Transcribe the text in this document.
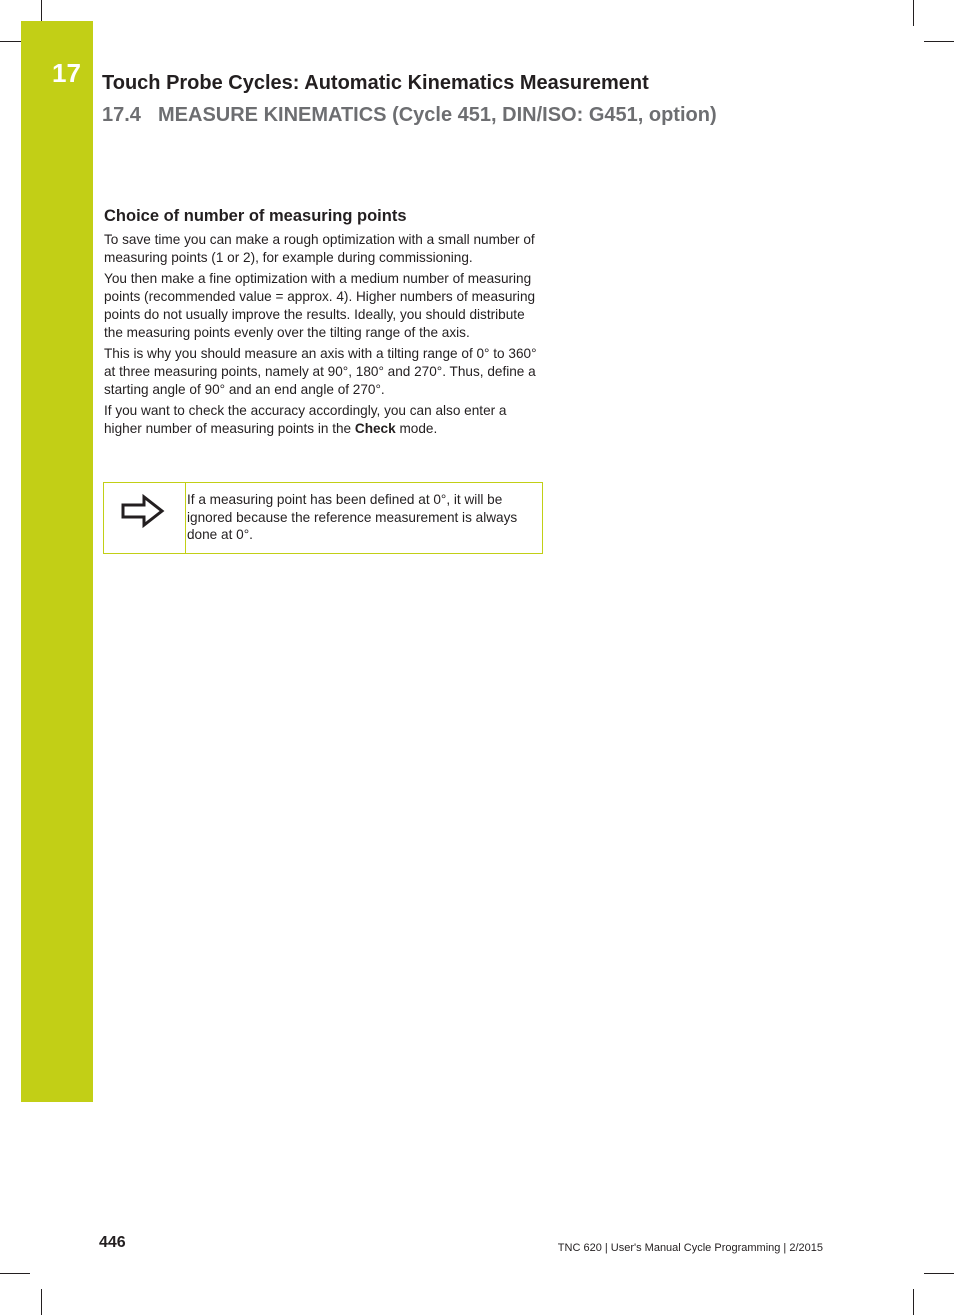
17 Touch Probe Cycles: Automatic Kinematics Measurement
17.4 MEASURE KINEMATICS (Cycle 451, DIN/ISO: G451, option)
Choice of number of measuring points

To save time you can make a rough optimization with a small number of measuring points (1 or 2), for example during commissioning.

You then make a fine optimization with a medium number of measuring points (recommended value = approx. 4). Higher numbers of measuring points do not usually improve the results. Ideally, you should distribute the measuring points evenly over the tilting range of the axis.

This is why you should measure an axis with a tilting range of 0° to 360° at three measuring points, namely at 90°, 180° and 270°. Thus, define a starting angle of 90° and an end angle of 270°.

If you want to check the accuracy accordingly, you can also enter a higher number of measuring points in the Check mode.

If a measuring point has been defined at 0°, it will be ignored because the reference measurement is always done at 0°.
446	TNC 620 | User's Manual Cycle Programming | 2/2015
